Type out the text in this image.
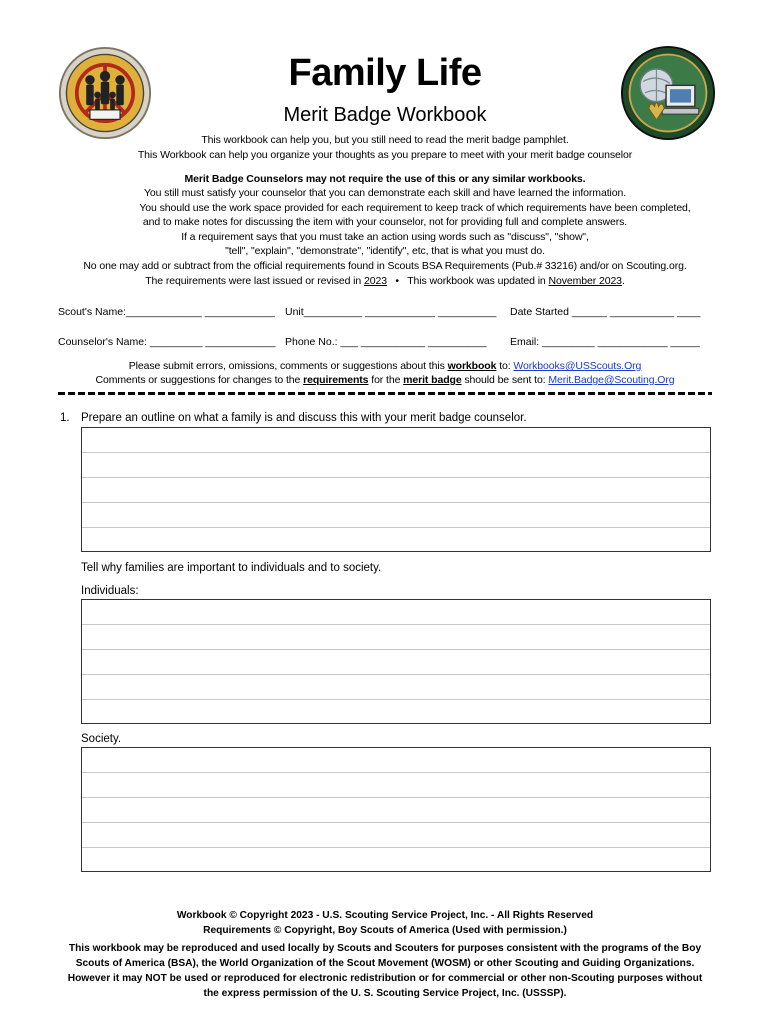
Family Life
Merit Badge Workbook
This workbook can help you, but you still need to read the merit badge pamphlet.
This Workbook can help you organize your thoughts as you prepare to meet with your merit badge counselor
Merit Badge Counselors may not require the use of this or any similar workbooks.
You still must satisfy your counselor that you can demonstrate each skill and have learned the information.
You should use the work space provided for each requirement to keep track of which requirements have been completed,
and to make notes for discussing the item with your counselor, not for providing full and complete answers.
If a requirement says that you must take an action using words such as "discuss", "show",
"tell", "explain", "demonstrate", "identify", etc, that is what you must do.
No one may add or subtract from the official requirements found in Scouts BSA Requirements (Pub.# 33216) and/or on Scouting.org.
The requirements were last issued or revised in 2023 • This workbook was updated in November 2023.
Scout's Name:_____________ ____________ Unit__________ ____________ __________ Date Started ______ ___________ ____
Counselor's Name: _________ ____________ Phone No.: ___ ___________ __________ Email: _________ ____________ _____
Please submit errors, omissions, comments or suggestions about this workbook to: Workbooks@USScouts.Org
Comments or suggestions for changes to the requirements for the merit badge should be sent to: Merit.Badge@Scouting.Org
1. Prepare an outline on what a family is and discuss this with your merit badge counselor.
Tell why families are important to individuals and to society.
Individuals:
Society.
Workbook © Copyright 2023 - U.S. Scouting Service Project, Inc. - All Rights Reserved
Requirements © Copyright, Boy Scouts of America (Used with permission.)
This workbook may be reproduced and used locally by Scouts and Scouters for purposes consistent with the programs of the Boy
Scouts of America (BSA), the World Organization of the Scout Movement (WOSM) or other Scouting and Guiding Organizations.
However it may NOT be used or reproduced for electronic redistribution or for commercial or other non-Scouting purposes without
the express permission of the U. S. Scouting Service Project, Inc. (USSSP).
